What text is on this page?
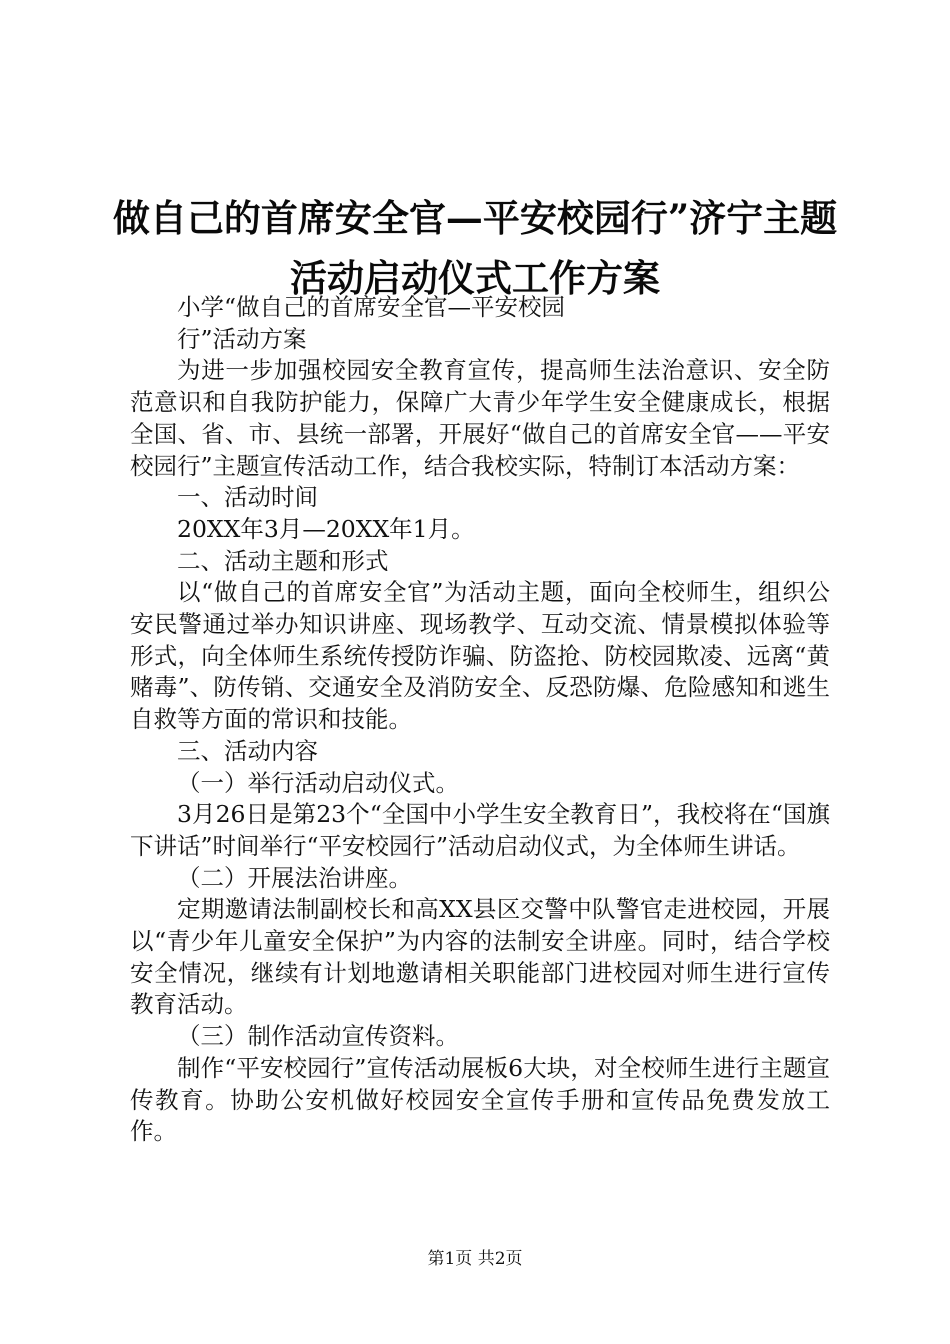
做自己的首席安全官—平安校园行”济宁主题
活动启动仪式工作方案

小学“做自己的首席安全官—平安校园

行”活动方案

为进一步加强校园安全教育宣传，提高师生法治意识、安全防范意识和自我防护能力，保障广大青少年学生安全健康成长，根据全国、省、市、县统一部署，开展好“做自己的首席安全官——平安校园行”主题宣传活动工作，结合我校实际，特制订本活动方案：

一、活动时间

20XX年3月—20XX年1月。

二、活动主题和形式

以“做自己的首席安全官”为活动主题，面向全校师生，组织公安民警通过举办知识讲座、现场教学、互动交流、情景模拟体验等形式，向全体师生系统传授防诈骗、防盗抢、防校园欺凌、远离“黄赌毒”、防传销、交通安全及消防安全、反恐防爆、危险感知和逃生自救等方面的常识和技能。

三、活动内容

（一）举行活动启动仪式。

3月26日是第23个“全国中小学生安全教育日”，我校将在“国旗下讲话”时间举行“平安校园行”活动启动仪式，为全体师生讲话。

（二）开展法治讲座。

定期邀请法制副校长和高XX县区交警中队警官走进校园，开展以“青少年儿童安全保护”为内容的法制安全讲座。同时，结合学校安全情况，继续有计划地邀请相关职能部门进校园对师生进行宣传教育活动。

（三）制作活动宣传资料。

制作“平安校园行”宣传活动展板6大块，对全校师生进行主题宣传教育。协助公安机做好校园安全宣传手册和宣传品免费发放工作。

第1页 共2页
